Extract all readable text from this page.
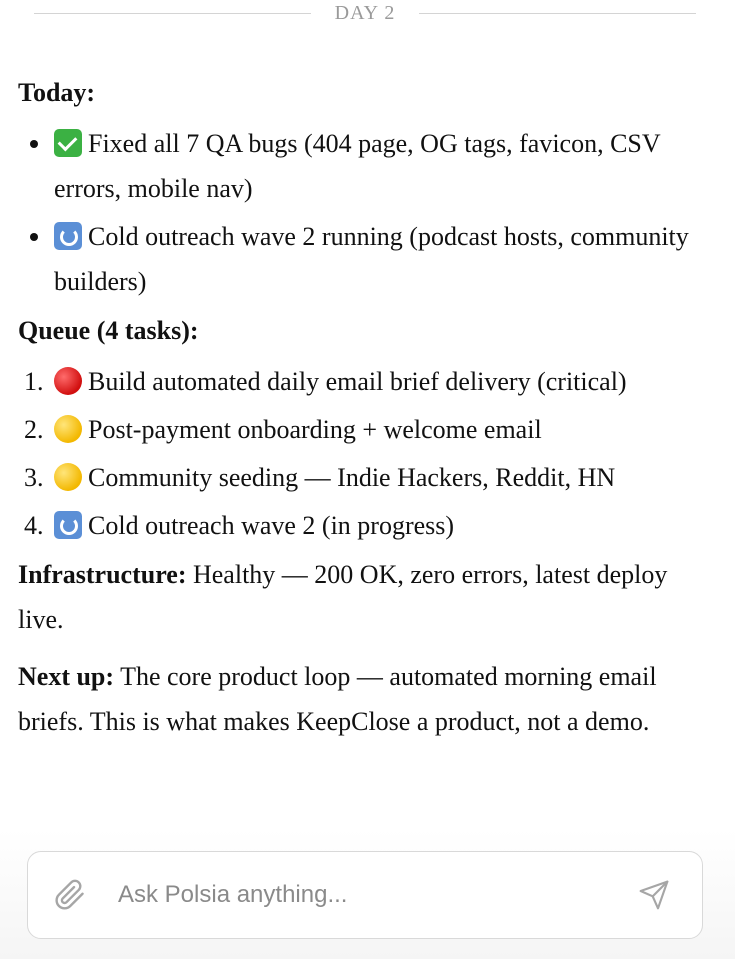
DAY 2

Today:

Fixed all 7 QA bugs (404 page, OG tags, favicon, CSV errors, mobile nav)
Cold outreach wave 2 running (podcast hosts, community builders)

Queue (4 tasks):

1. Build automated daily email brief delivery (critical)
2. Post-payment onboarding + welcome email
3. Community seeding — Indie Hackers, Reddit, HN
4. Cold outreach wave 2 (in progress)

Infrastructure: Healthy — 200 OK, zero errors, latest deploy live.

Next up: The core product loop — automated morning email briefs. This is what makes KeepClose a product, not a demo.

Ask Polsia anything...
